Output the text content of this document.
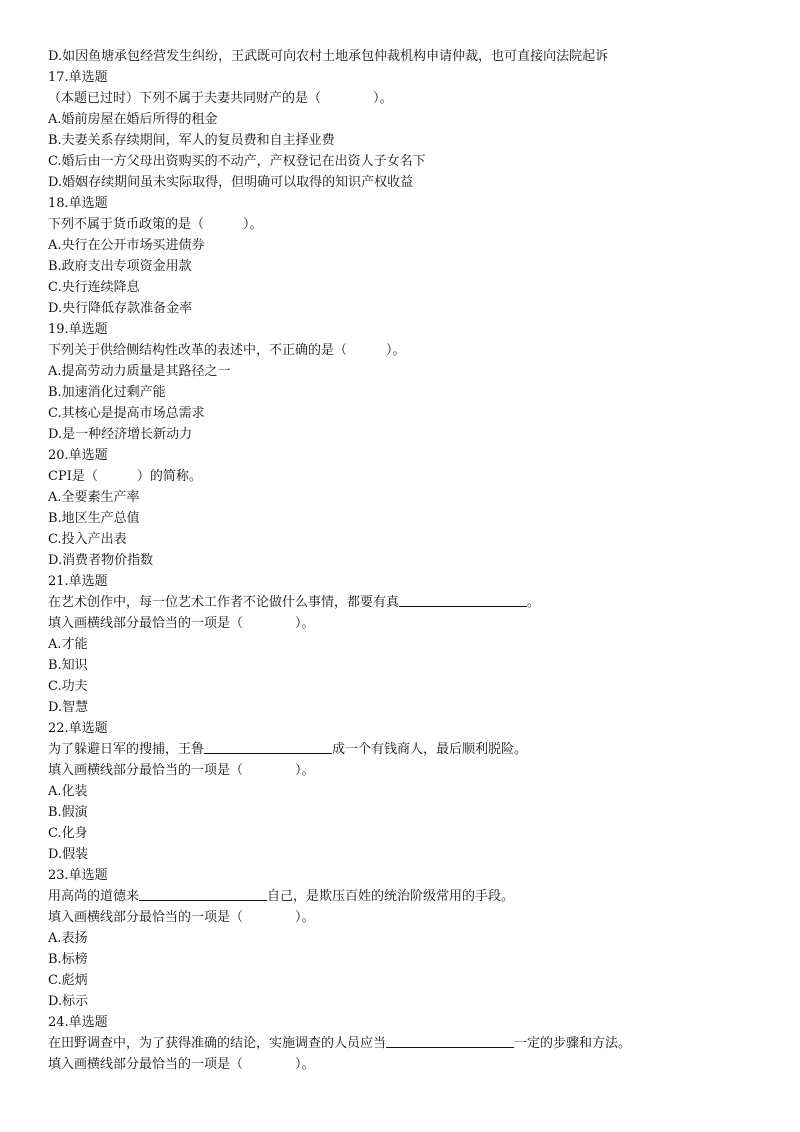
D.如因鱼塘承包经营发生纠纷，王武既可向农村土地承包仲裁机构申请仲裁，也可直接向法院起诉
17.单选题
（本题已过时）下列不属于夫妻共同财产的是（　　　　）。
A.婚前房屋在婚后所得的租金
B.夫妻关系存续期间，军人的复员费和自主择业费
C.婚后由一方父母出资购买的不动产，产权登记在出资人子女名下
D.婚姻存续期间虽未实际取得，但明确可以取得的知识产权收益
18.单选题
下列不属于货币政策的是（　　　）。
A.央行在公开市场买进债券
B.政府支出专项资金用款
C.央行连续降息
D.央行降低存款准备金率
19.单选题
下列关于供给侧结构性改革的表述中，不正确的是（　　　）。
A.提高劳动力质量是其路径之一
B.加速消化过剩产能
C.其核心是提高市场总需求
D.是一种经济增长新动力
20.单选题
CPI是（　　　）的简称。
A.全要素生产率
B.地区生产总值
C.投入产出表
D.消费者物价指数
21.单选题
在艺术创作中，每一位艺术工作者不论做什么事情，都要有真	。
填入画横线部分最恰当的一项是（　　　　）。
A.才能
B.知识
C.功夫
D.智慧
22.单选题
为了躲避日军的搜捕，王鲁	成一个有钱商人，最后顺利脱险。
填入画横线部分最恰当的一项是（　　　　）。
A.化装
B.假演
C.化身
D.假装
23.单选题
用高尚的道德来	自己，是欺压百姓的统治阶级常用的手段。
填入画横线部分最恰当的一项是（　　　　）。
A.表扬
B.标榜
C.彪炳
D.标示
24.单选题
在田野调查中，为了获得准确的结论，实施调查的人员应当	一定的步骤和方法。
填入画横线部分最恰当的一项是（　　　　）。
